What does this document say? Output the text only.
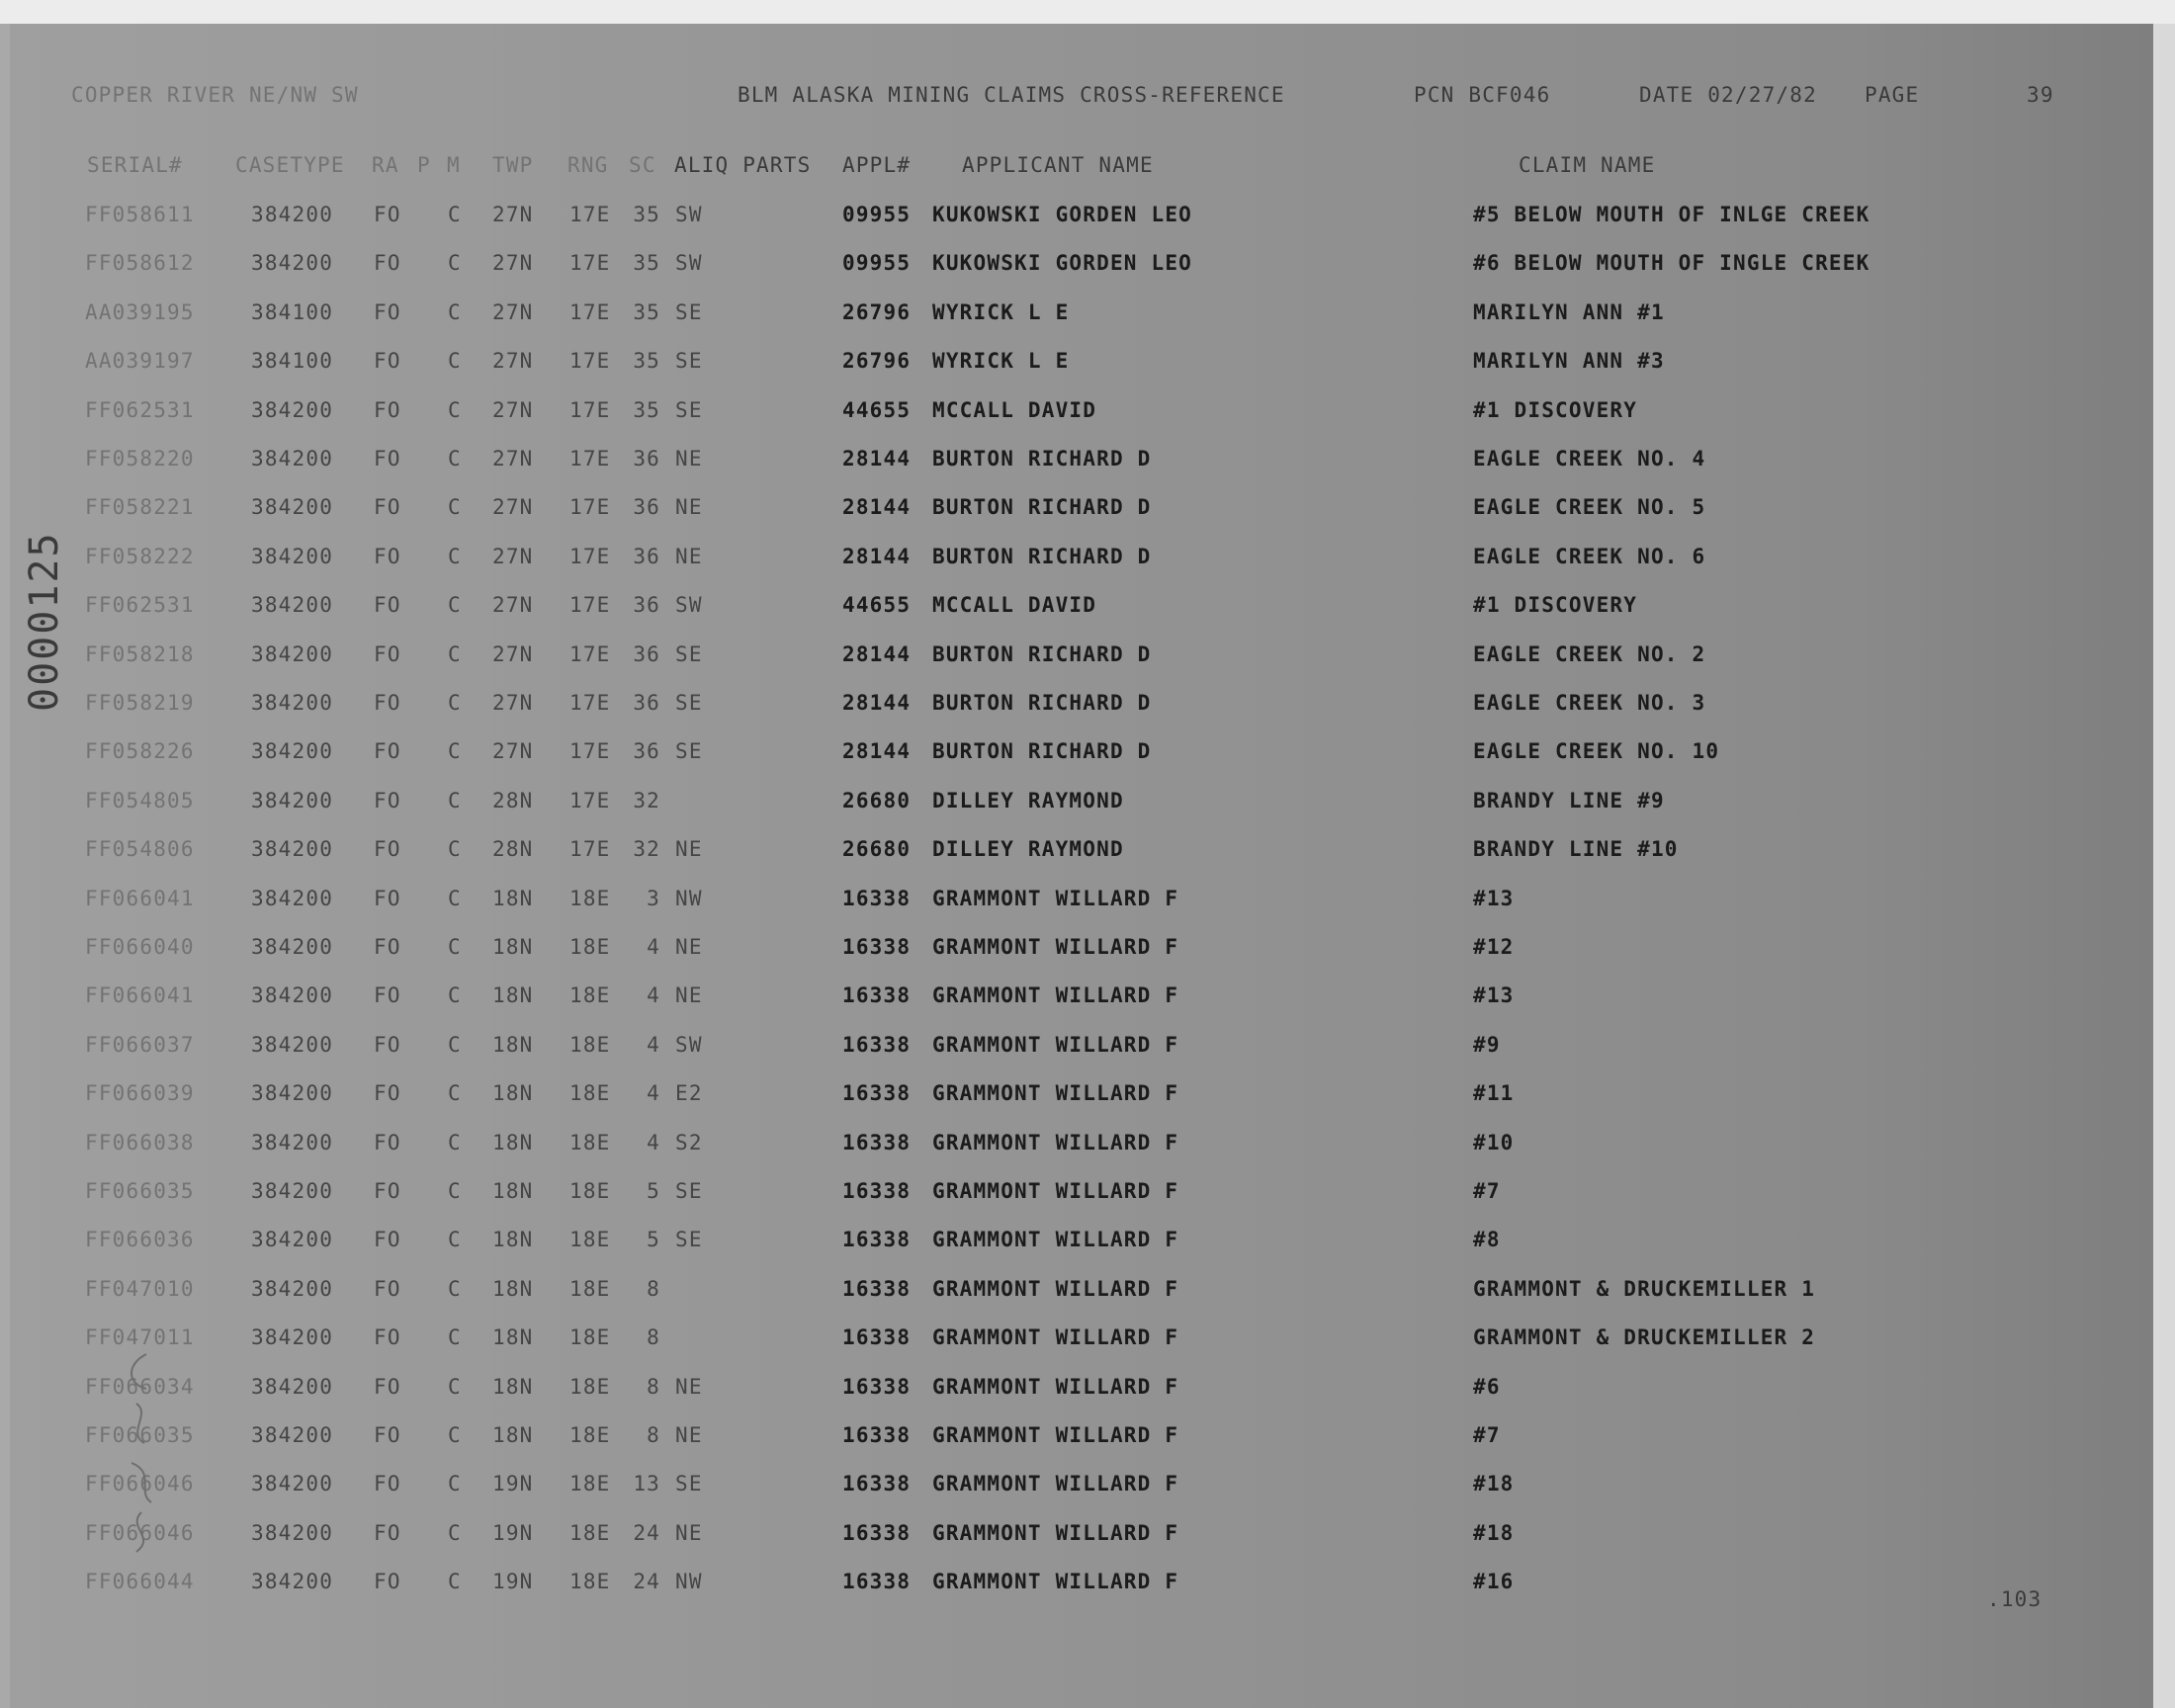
COPPER RIVER NE/NW SW	BLM ALASKA MINING CLAIMS CROSS-REFERENCE	PCN BCF046	DATE 02/27/82 PAGE	39
SERIAL#	CASETYPE RA P M TWP RNG SC ALIQ PARTS APPL# APPLICANT NAME	CLAIM NAME
FF058611	384200 FO C 27N 17E	35 SW	09955 KUKOWSKI GORDEN LEO	#5 BELOW MOUTH OF INLGE CREEK
FF058612	384200 FO C 27N 17E	35 SW	09955 KUKOWSKI GORDEN LEO	#6 BELOW MOUTH OF INGLE CREEK
AA039195	384100 FO C 27N 17E	35 SE	26796 WYRICK L E	MARILYN ANN #1
AA039197	384100 FO C 27N 17E	35 SE	26796 WYRICK L E	MARILYN ANN #3
FF062531	384200 FO C 27N 17E	35 SE	44655 MCCALL DAVID	#1 DISCOVERY
FF058220	384200 FO C 27N 17E	36 NE	28144 BURTON RICHARD D	EAGLE CREEK NO. 4
FF058221	384200 FO C 27N 17E	36 NE	28144 BURTON RICHARD D	EAGLE CREEK NO. 5
FF058222	384200 FO C 27N 17E	36 NE	28144 BURTON RICHARD D	EAGLE CREEK NO. 6
FF062531	384200 FO C 27N 17E	36 SW	44655 MCCALL DAVID	#1 DISCOVERY
FF058218	384200 FO C 27N 17E	36 SE	28144 BURTON RICHARD D	EAGLE CREEK NO. 2
FF058219	384200 FO C 27N 17E	36 SE	28144 BURTON RICHARD D	EAGLE CREEK NO. 3
FF058226	384200 FO C 27N 17E	36 SE	28144 BURTON RICHARD D	EAGLE CREEK NO. 10
FF054805	384200 FO C 28N 17E	32	26680 DILLEY RAYMOND	BRANDY LINE #9
FF054806	384200 FO C 28N 17E	32 NE	26680 DILLEY RAYMOND	BRANDY LINE #10
FF066041	384200 FO C 18N 18E	3 NW	16338 GRAMMONT WILLARD F	#13
FF066040	384200 FO C 18N 18E	4 NE	16338 GRAMMONT WILLARD F	#12
FF066041	384200 FO C 18N 18E	4 NE	16338 GRAMMONT WILLARD F	#13
FF066037	384200 FO C 18N 18E	4 SW	16338 GRAMMONT WILLARD F	#9
FF066039	384200 FO C 18N 18E	4 E2	16338 GRAMMONT WILLARD F	#11
FF066038	384200 FO C 18N 18E	4 S2	16338 GRAMMONT WILLARD F	#10
FF066035	384200 FO C 18N 18E	5 SE	16338 GRAMMONT WILLARD F	#7
FF066036	384200 FO C 18N 18E	5 SE	16338 GRAMMONT WILLARD F	#8
FF047010	384200 FO C 18N 18E	8	16338 GRAMMONT WILLARD F	GRAMMONT & DRUCKEMILLER 1
FF047011	384200 FO C 18N 18E	8	16338 GRAMMONT WILLARD F	GRAMMONT & DRUCKEMILLER 2
FF066034	384200 FO C 18N 18E	8 NE	16338 GRAMMONT WILLARD F	#6
FF066035	384200 FO C 18N 18E	8 NE	16338 GRAMMONT WILLARD F	#7
FF066046	384200 FO C 19N 18E	13 SE	16338 GRAMMONT WILLARD F	#18
FF066046	384200 FO C 19N 18E	24 NE	16338 GRAMMONT WILLARD F	#18
FF066044	384200 FO C 19N 18E	24 NW	16338 GRAMMONT WILLARD F	#16
0000125
.103
